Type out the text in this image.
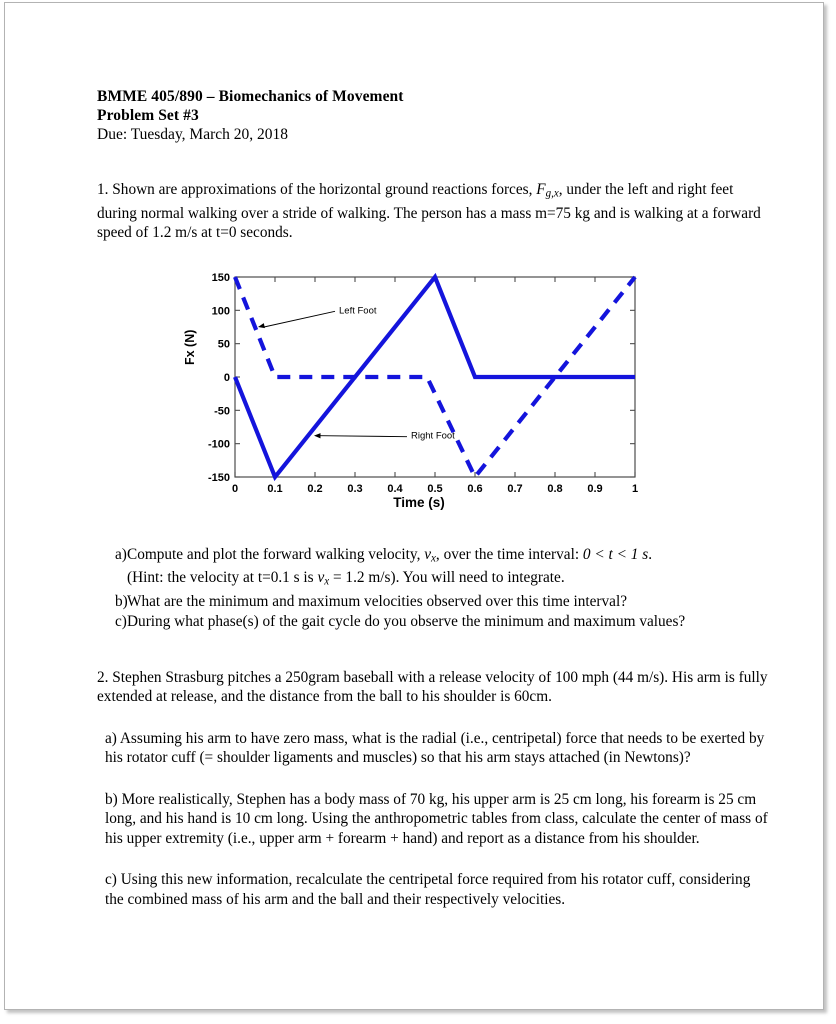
BMME 405/890 – Biomechanics of Movement
Problem Set #3
Due: Tuesday, March 20, 2018
1. Shown are approximations of the horizontal ground reactions forces, $F_{g,x}$, under the left and right feet during normal walking over a stride of walking. The person has a mass m=75 kg and is walking at a forward speed of 1.2 m/s at t=0 seconds.
Fx (N)
Time (s)
0	0.1 0.2 0.3 0.4 0.5 0.6 0.7 0.8 0.9	1
150
100
50
0
-50
-100
-150
Left Foot
Right Foot
a) Compute and plot the forward walking velocity, $v_x$, over the time interval: 0 < t < 1 s.
(Hint: the velocity at t=0.1 s is $v_x = 1.2$ m/s). You will need to integrate.
b) What are the minimum and maximum velocities observed over this time interval?
c) During what phase(s) of the gait cycle do you observe the minimum and maximum values?
2. Stephen Strasburg pitches a 250gram baseball with a release velocity of 100 mph (44 m/s). His arm is fully extended at release, and the distance from the ball to his shoulder is 60cm.
a) Assuming his arm to have zero mass, what is the radial (i.e., centripetal) force that needs to be exerted by his rotator cuff (= shoulder ligaments and muscles) so that his arm stays attached (in Newtons)?
b) More realistically, Stephen has a body mass of 70 kg, his upper arm is 25 cm long, his forearm is 25 cm long, and his hand is 10 cm long. Using the anthropometric tables from class, calculate the center of mass of his upper extremity (i.e., upper arm + forearm + hand) and report as a distance from his shoulder.
c) Using this new information, recalculate the centripetal force required from his rotator cuff, considering the combined mass of his arm and the ball and their respectively velocities.
